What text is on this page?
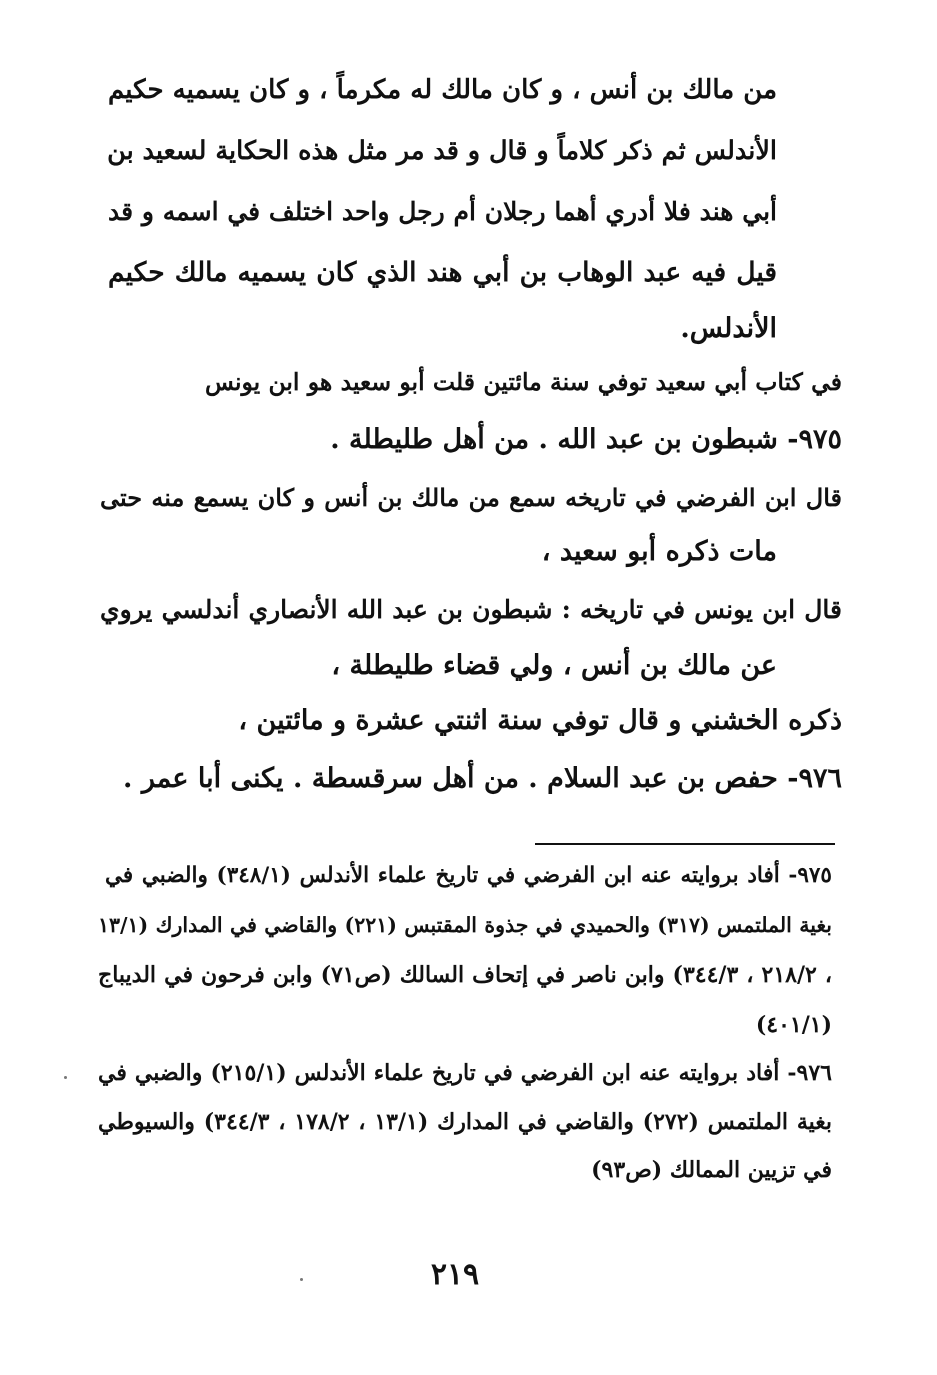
من مالك بن أنس ، و كان مالك له مكرماً ، و كان يسميه حكيم

الأندلس ثم ذكر كلاماً و قال و قد مر مثل هذه الحكاية لسعيد بن

أبي هند فلا أدري أهما رجلان أم رجل واحد اختلف في اسمه و قد

قيل فيه عبد الوهاب بن أبي هند الذي كان يسميه مالك حكيم

الأندلس.

في كتاب أبي سعيد توفي سنة مائتين قلت أبو سعيد هو ابن يونس

٩٧٥- شبطون بن عبد الله . من أهل طليطلة .

قال ابن الفرضي في تاريخه سمع من مالك بن أنس و كان يسمع منه حتى

مات ذكره أبو سعيد ،

قال ابن يونس في تاريخه : شبطون بن عبد الله الأنصاري أندلسي يروي

عن مالك بن أنس ، ولي قضاء طليطلة ،

ذكره الخشني و قال توفي سنة اثنتي عشرة و مائتين ،

٩٧٦- حفص بن عبد السلام . من أهل سرقسطة . يكنى أبا عمر .

٩٧٥- أفاد بروايته عنه ابن الفرضي في تاريخ علماء الأندلس (٣٤٨/١) والضبي في

بغية الملتمس (٣١٧) والحميدي في جذوة المقتبس (٢٢١) والقاضي في المدارك (١٣/١

، ٢١٨/٢ ، ٣٤٤/٣) وابن ناصر في إتحاف السالك (ص٧١) وابن فرحون في الديباج

(٤٠١/١)

٩٧٦- أفاد بروايته عنه ابن الفرضي في تاريخ علماء الأندلس (٢١٥/١) والضبي في

بغية الملتمس (٢٧٢) والقاضي في المدارك (١٣/١ ، ١٧٨/٢ ، ٣٤٤/٣) والسيوطي

في تزيين الممالك (ص٩٣)

٢١٩
